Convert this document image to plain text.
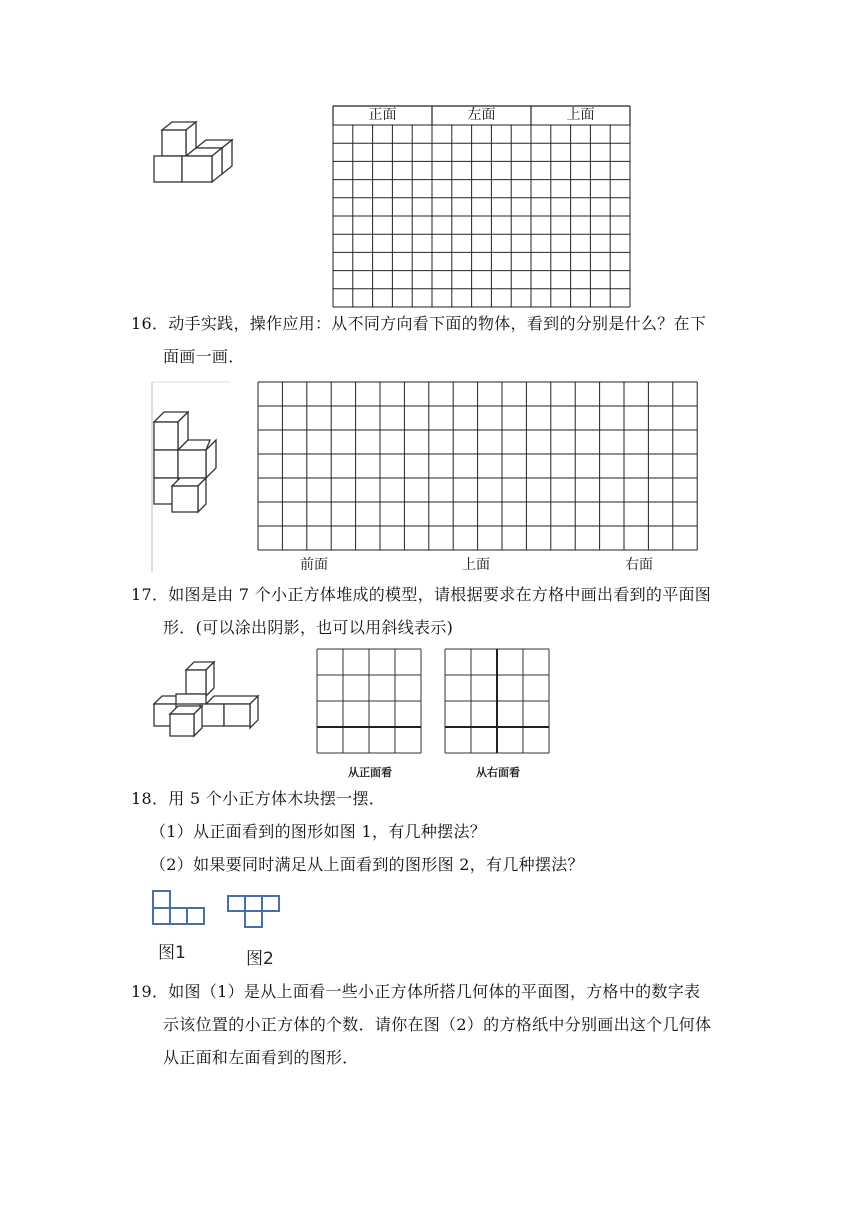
正面	左面	上面
16．动手实践，操作应用：从不同方向看下面的物体，看到的分别是什么？在下
面画一画．
前面	上面	右面
17．如图是由 7 个小正方体堆成的模型，请根据要求在方格中画出看到的平面图
形．(可以涂出阴影，也可以用斜线表示)
从正面看	从右面看
18．用 5 个小正方体木块摆一摆．
（1）从正面看到的图形如图 1，有几种摆法？
（2）如果要同时满足从上面看到的图形图 2，有几种摆法？
图1	图2
19．如图（1）是从上面看一些小正方体所搭几何体的平面图，方格中的数字表
示该位置的小正方体的个数．请你在图（2）的方格纸中分别画出这个几何体
从正面和左面看到的图形．
